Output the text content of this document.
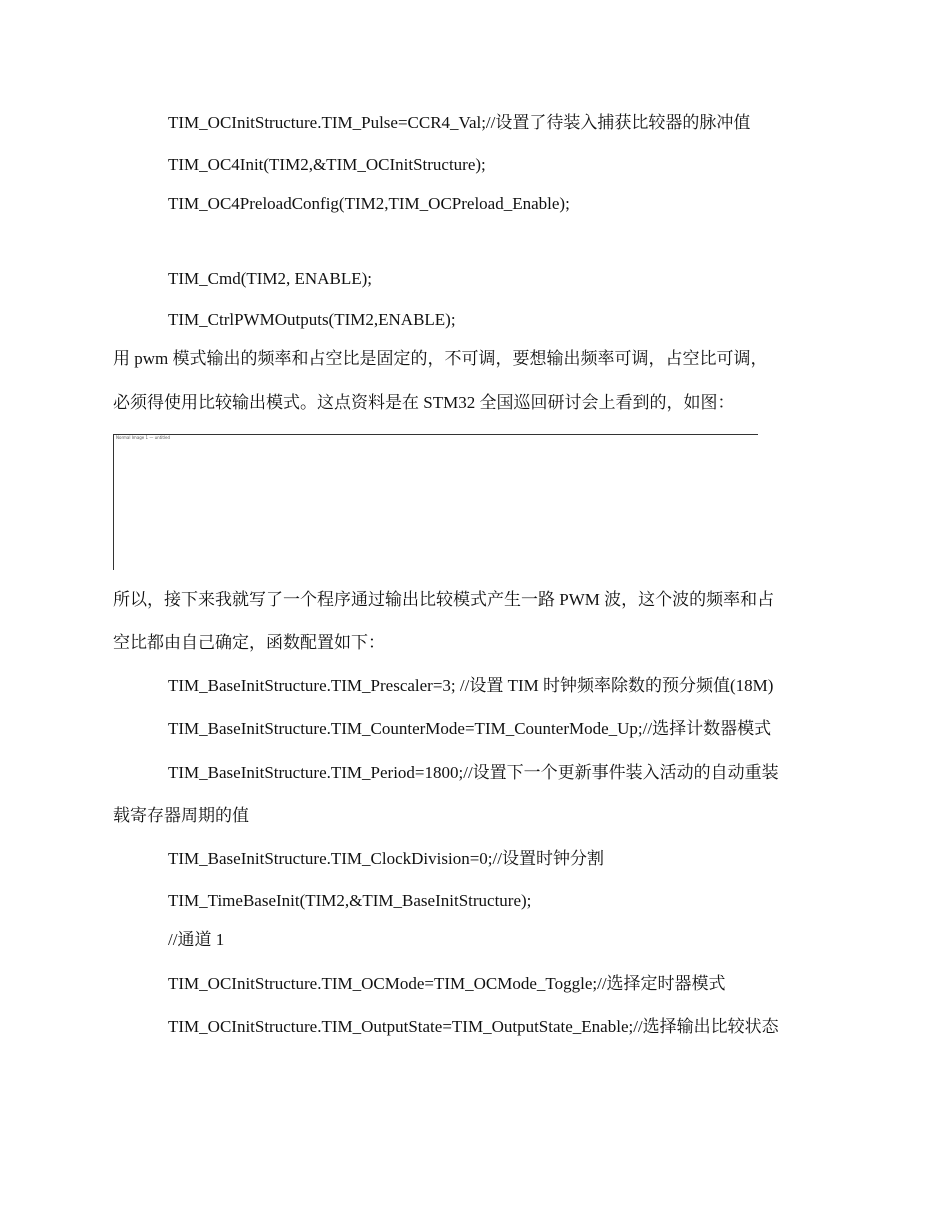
TIM_OCInitStructure.TIM_Pulse=CCR4_Val;//设置了待装入捕获比较器的脉冲值
TIM_OC4Init(TIM2,&TIM_OCInitStructure);
TIM_OC4PreloadConfig(TIM2,TIM_OCPreload_Enable);
TIM_Cmd(TIM2, ENABLE);
TIM_CtrlPWMOutputs(TIM2,ENABLE);
用 pwm 模式输出的频率和占空比是固定的，不可调，要想输出频率可调，占空比可调，
必须得使用比较输出模式。这点资料是在 STM32 全国巡回研讨会上看到的，如图：
Normal Image 1 — untitled
所以，接下来我就写了一个程序通过输出比较模式产生一路 PWM 波，这个波的频率和占
空比都由自己确定，函数配置如下：
TIM_BaseInitStructure.TIM_Prescaler=3; //设置 TIM 时钟频率除数的预分频值(18M)
TIM_BaseInitStructure.TIM_CounterMode=TIM_CounterMode_Up;//选择计数器模式
TIM_BaseInitStructure.TIM_Period=1800;//设置下一个更新事件装入活动的自动重装
载寄存器周期的值
TIM_BaseInitStructure.TIM_ClockDivision=0;//设置时钟分割
TIM_TimeBaseInit(TIM2,&TIM_BaseInitStructure);
//通道 1
TIM_OCInitStructure.TIM_OCMode=TIM_OCMode_Toggle;//选择定时器模式
TIM_OCInitStructure.TIM_OutputState=TIM_OutputState_Enable;//选择输出比较状态
